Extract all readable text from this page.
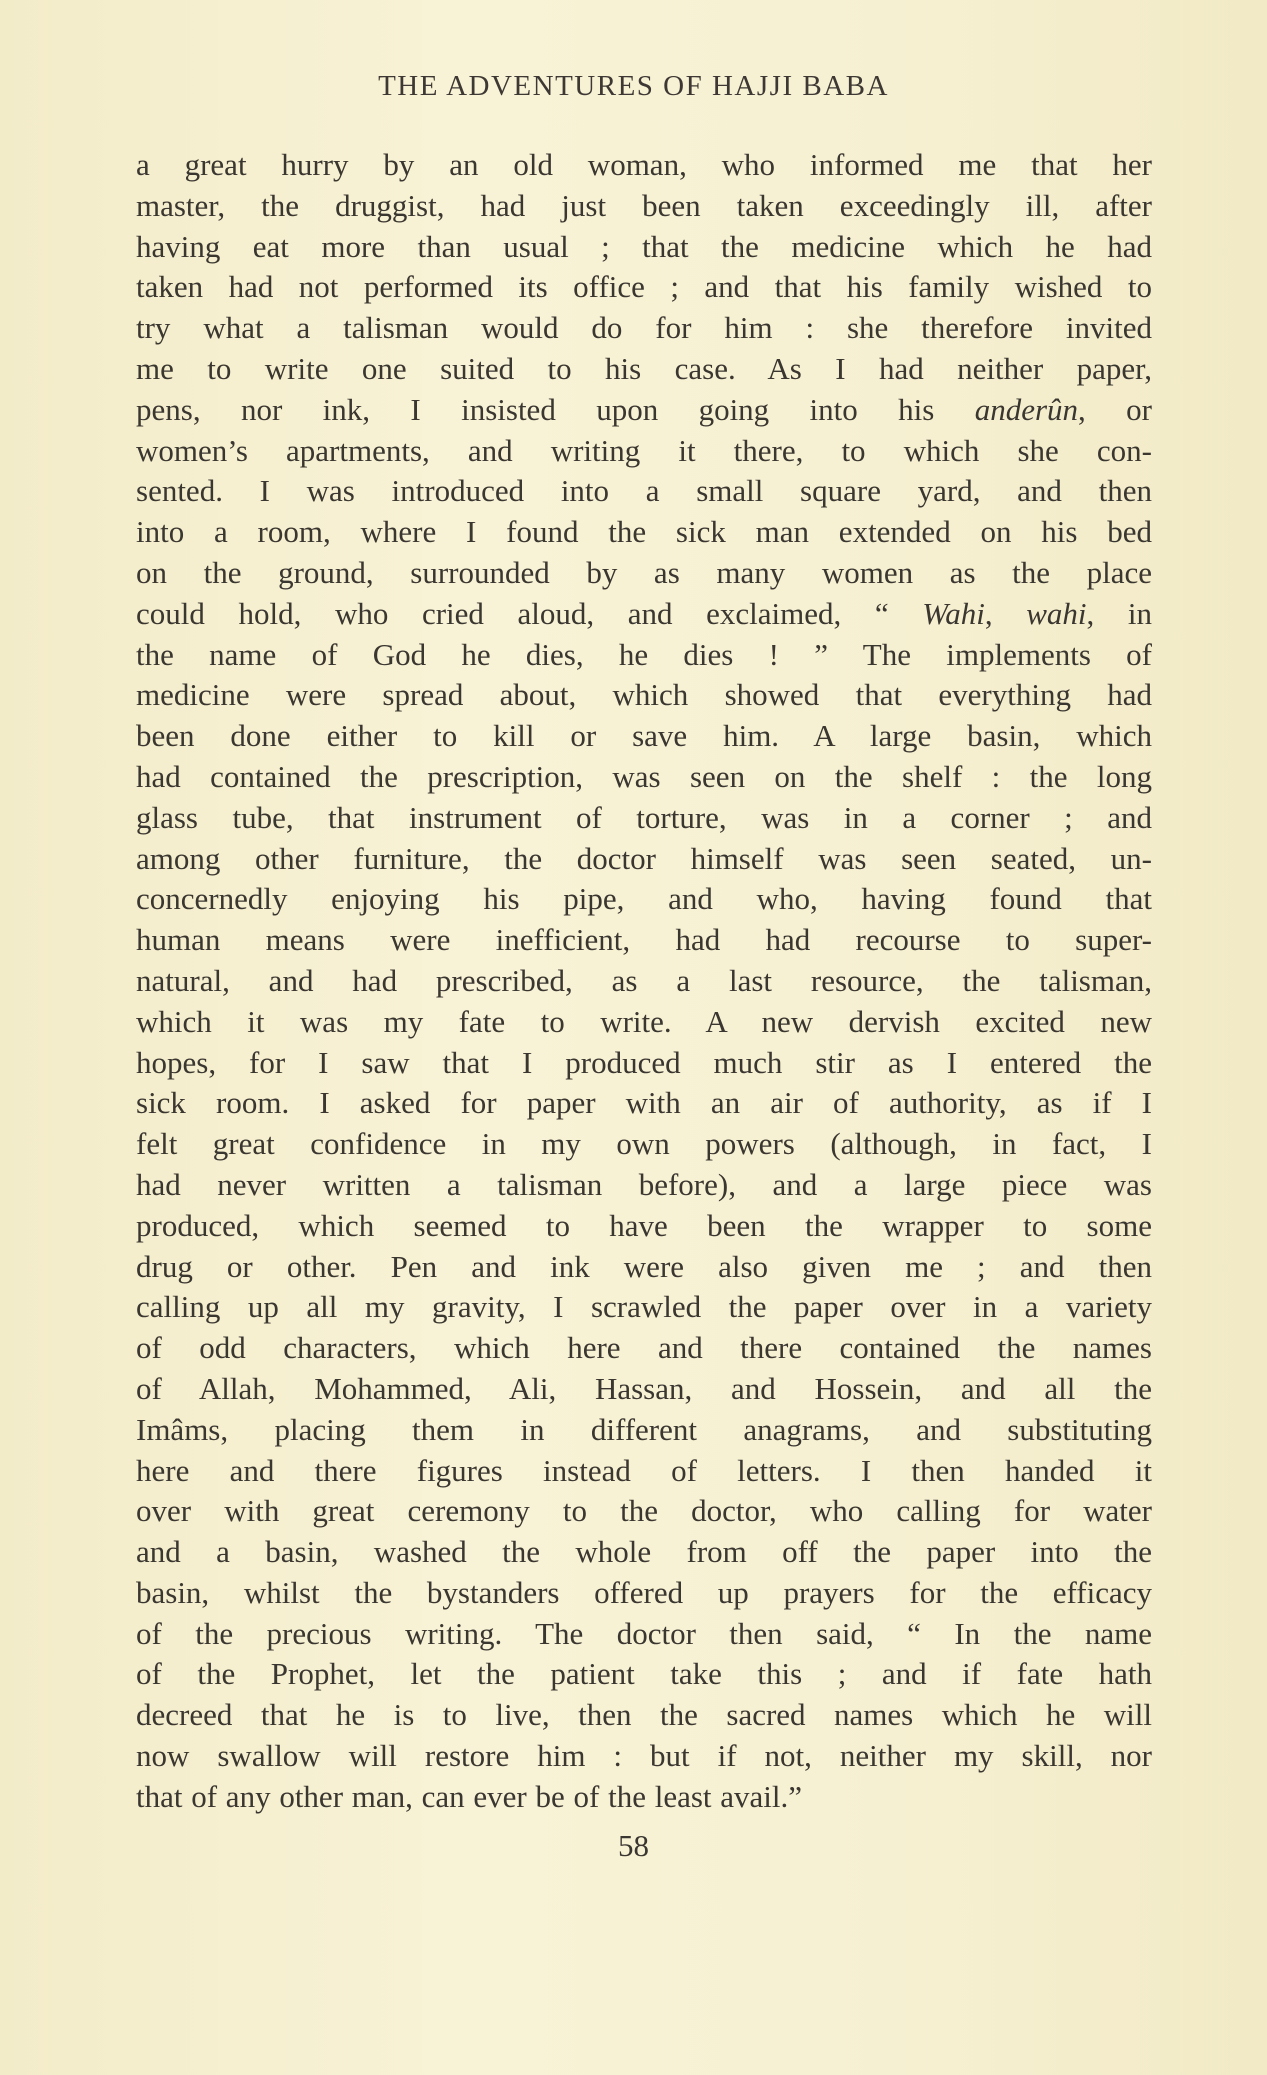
THE ADVENTURES OF HAJJI BABA
a great hurry by an old woman, who informed me that her
master, the druggist, had just been taken exceedingly ill, after
having eat more than usual ; that the medicine which he had
taken had not performed its office ; and that his family wished to
try what a talisman would do for him : she therefore invited
me to write one suited to his case. As I had neither paper,
pens, nor ink, I insisted upon going into his anderûn, or
women’s apartments, and writing it there, to which she con-
sented. I was introduced into a small square yard, and then
into a room, where I found the sick man extended on his bed
on the ground, surrounded by as many women as the place
could hold, who cried aloud, and exclaimed, “ Wahi, wahi, in
the name of God he dies, he dies ! ” The implements of
medicine were spread about, which showed that everything had
been done either to kill or save him. A large basin, which
had contained the prescription, was seen on the shelf : the long
glass tube, that instrument of torture, was in a corner ; and
among other furniture, the doctor himself was seen seated, un-
concernedly enjoying his pipe, and who, having found that
human means were inefficient, had had recourse to super-
natural, and had prescribed, as a last resource, the talisman,
which it was my fate to write. A new dervish excited new
hopes, for I saw that I produced much stir as I entered the
sick room. I asked for paper with an air of authority, as if I
felt great confidence in my own powers (although, in fact, I
had never written a talisman before), and a large piece was
produced, which seemed to have been the wrapper to some
drug or other. Pen and ink were also given me ; and then
calling up all my gravity, I scrawled the paper over in a variety
of odd characters, which here and there contained the names
of Allah, Mohammed, Ali, Hassan, and Hossein, and all the
Imâms, placing them in different anagrams, and substituting
here and there figures instead of letters. I then handed it
over with great ceremony to the doctor, who calling for water
and a basin, washed the whole from off the paper into the
basin, whilst the bystanders offered up prayers for the efficacy
of the precious writing. The doctor then said, “ In the name
of the Prophet, let the patient take this ; and if fate hath
decreed that he is to live, then the sacred names which he will
now swallow will restore him : but if not, neither my skill, nor
that of any other man, can ever be of the least avail.”
58
